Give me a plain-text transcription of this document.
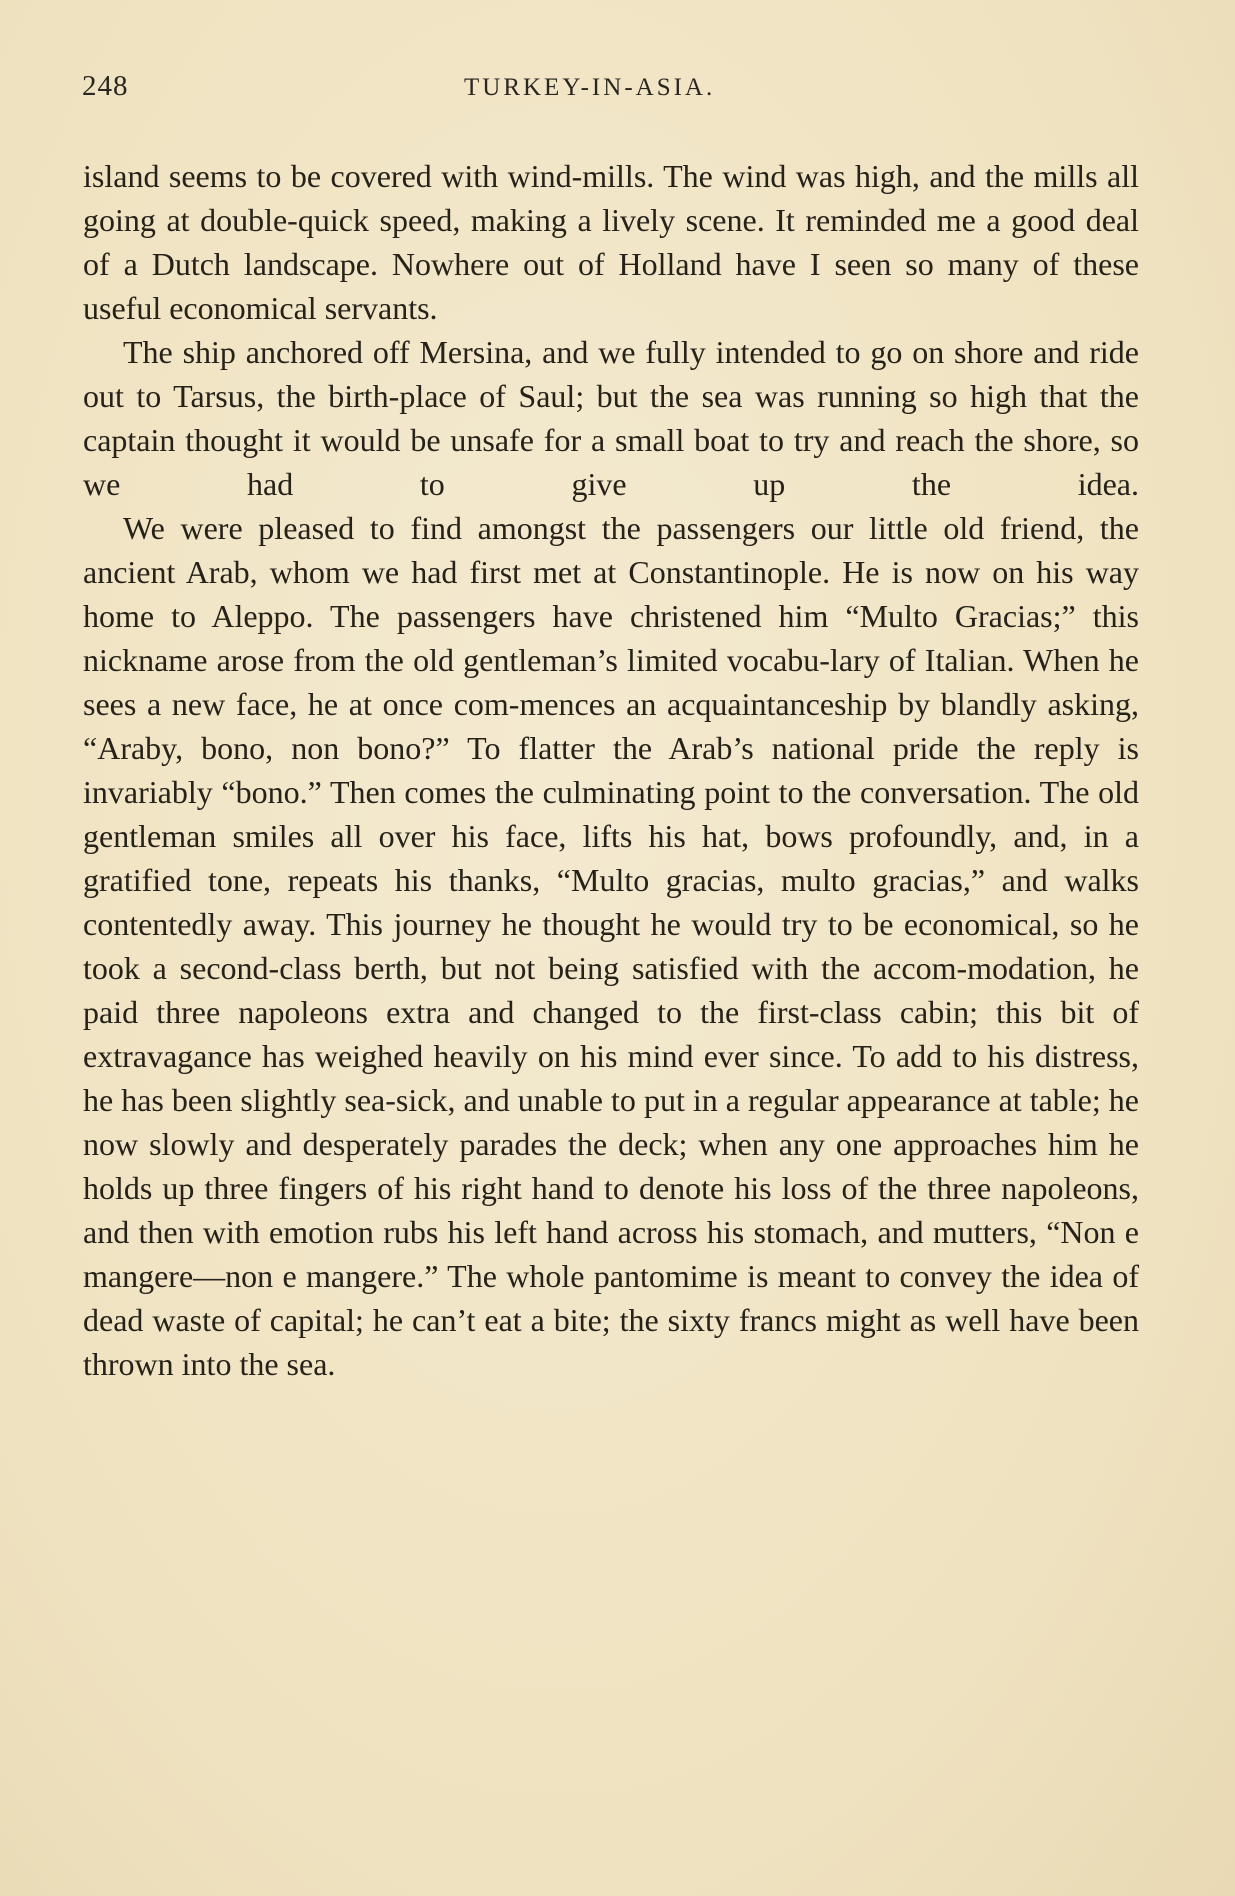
248	TURKEY-IN-ASIA.

island seems to be covered with wind-mills. The wind was high, and the mills all going at double-quick speed, making a lively scene. It reminded me a good deal of a Dutch landscape. Nowhere out of Holland have I seen so many of these useful economical servants.

The ship anchored off Mersina, and we fully intended to go on shore and ride out to Tarsus, the birth-place of Saul; but the sea was running so high that the captain thought it would be unsafe for a small boat to try and reach the shore, so we had to give up the idea.

We were pleased to find amongst the passengers our little old friend, the ancient Arab, whom we had first met at Constantinople. He is now on his way home to Aleppo. The passengers have christened him “Multo Gracias;” this nickname arose from the old gentleman’s limited vocabu-lary of Italian. When he sees a new face, he at once com-mences an acquaintanceship by blandly asking, “Araby, bono, non bono?” To flatter the Arab’s national pride the reply is invariably “bono.” Then comes the culminating point to the conversation. The old gentleman smiles all over his face, lifts his hat, bows profoundly, and, in a gratified tone, repeats his thanks, “Multo gracias, multo gracias,” and walks contentedly away. This journey he thought he would try to be economical, so he took a second-class berth, but not being satisfied with the accom-modation, he paid three napoleons extra and changed to the first-class cabin; this bit of extravagance has weighed heavily on his mind ever since. To add to his distress, he has been slightly sea-sick, and unable to put in a regular appearance at table; he now slowly and desperately parades the deck; when any one approaches him he holds up three fingers of his right hand to denote his loss of the three napoleons, and then with emotion rubs his left hand across his stomach, and mutters, “Non e mangere—non e mangere.” The whole pantomime is meant to convey the idea of dead waste of capital; he can’t eat a bite; the sixty francs might as well have been thrown into the sea.
